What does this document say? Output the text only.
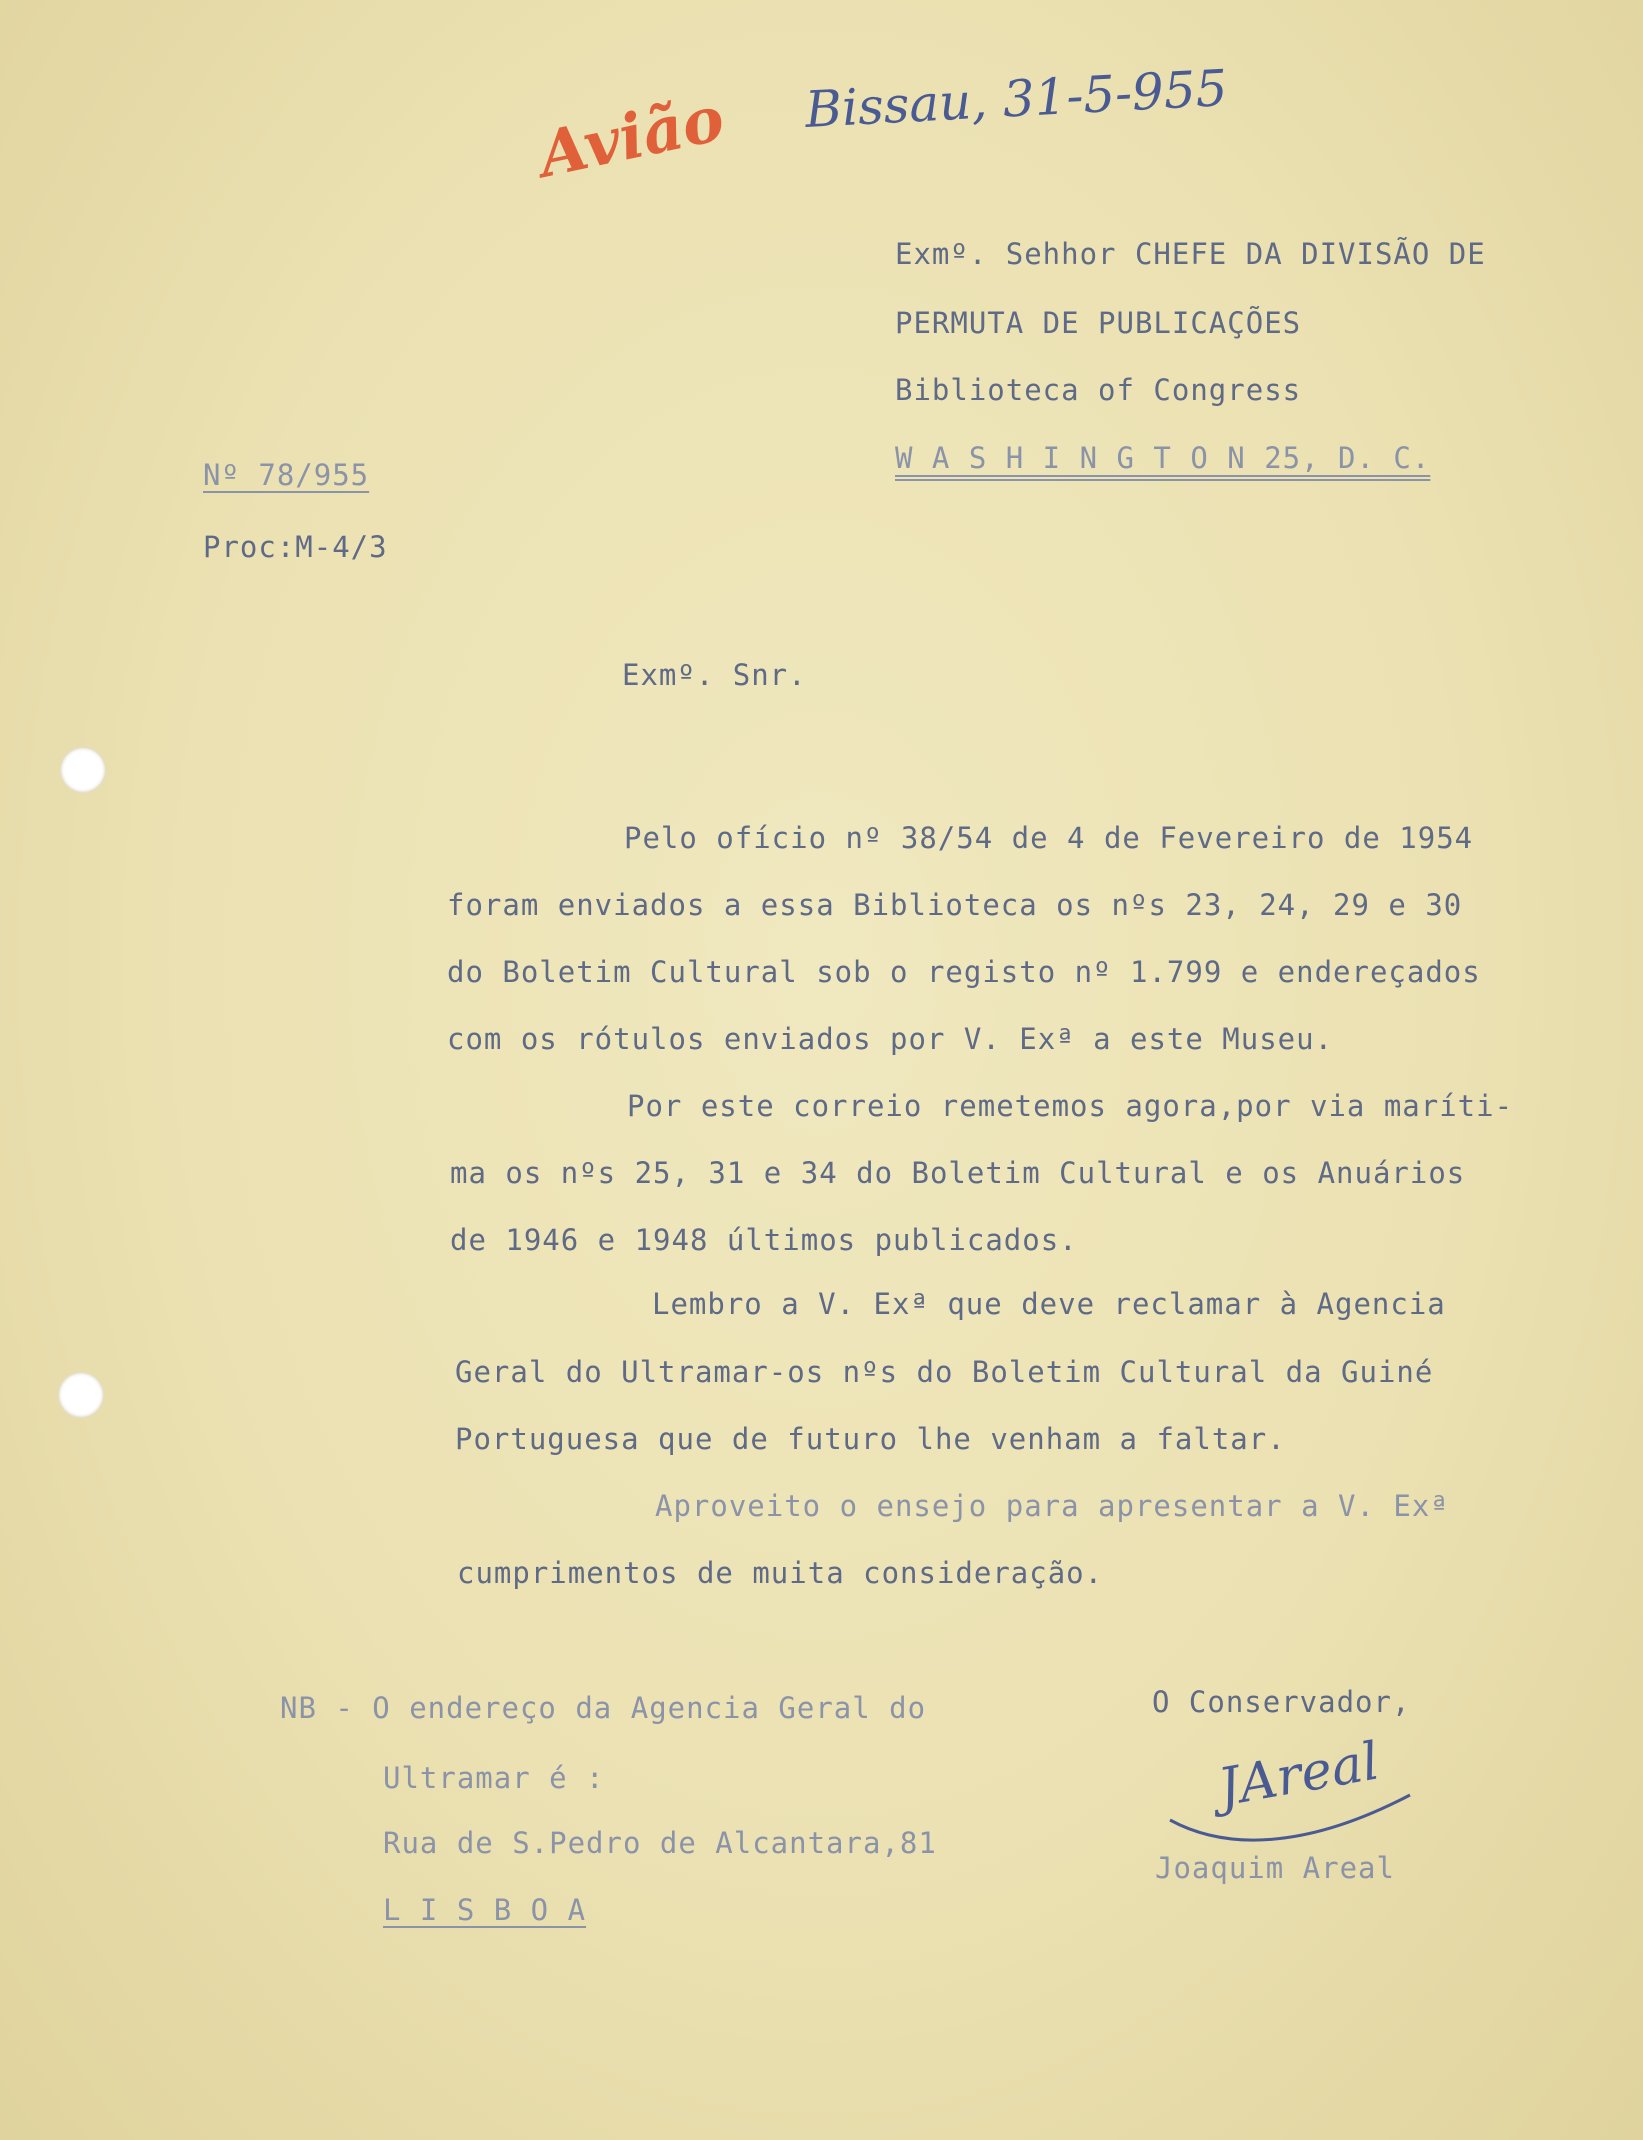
Avião Bissau, 31-5-955
Exmº. Sehhor CHEFE DA DIVISÃO DE
PERMUTA DE PUBLICAÇÕES
Biblioteca of Congress
W A S H I N G T O N 25, D. C.
Nº 78/955
Proc:M-4/3
Exmº. Snr.
Pelo ofício nº 38/54 de 4 de Fevereiro de 1954
foram enviados a essa Biblioteca os nºs 23, 24, 29 e 30
do Boletim Cultural sob o registo nº 1.799 e endereçados
com os rótulos enviados por V. Exª a este Museu.
Por este correio remetemos agora,por via maríti-
ma os nºs 25, 31 e 34 do Boletim Cultural e os Anuários
de 1946 e 1948 últimos publicados.
Lembro a V. Exª que deve reclamar à Agencia
Geral do Ultramar-os nºs do Boletim Cultural da Guiné
Portuguesa que de futuro lhe venham a faltar.
Aproveito o ensejo para apresentar a V. Exª
cumprimentos de muita consideração.
NB - O endereço da Agencia Geral do
Ultramar é :
Rua de S.Pedro de Alcantara,81
L I S B O A
O Conservador,
JAreal
Joaquim Areal
